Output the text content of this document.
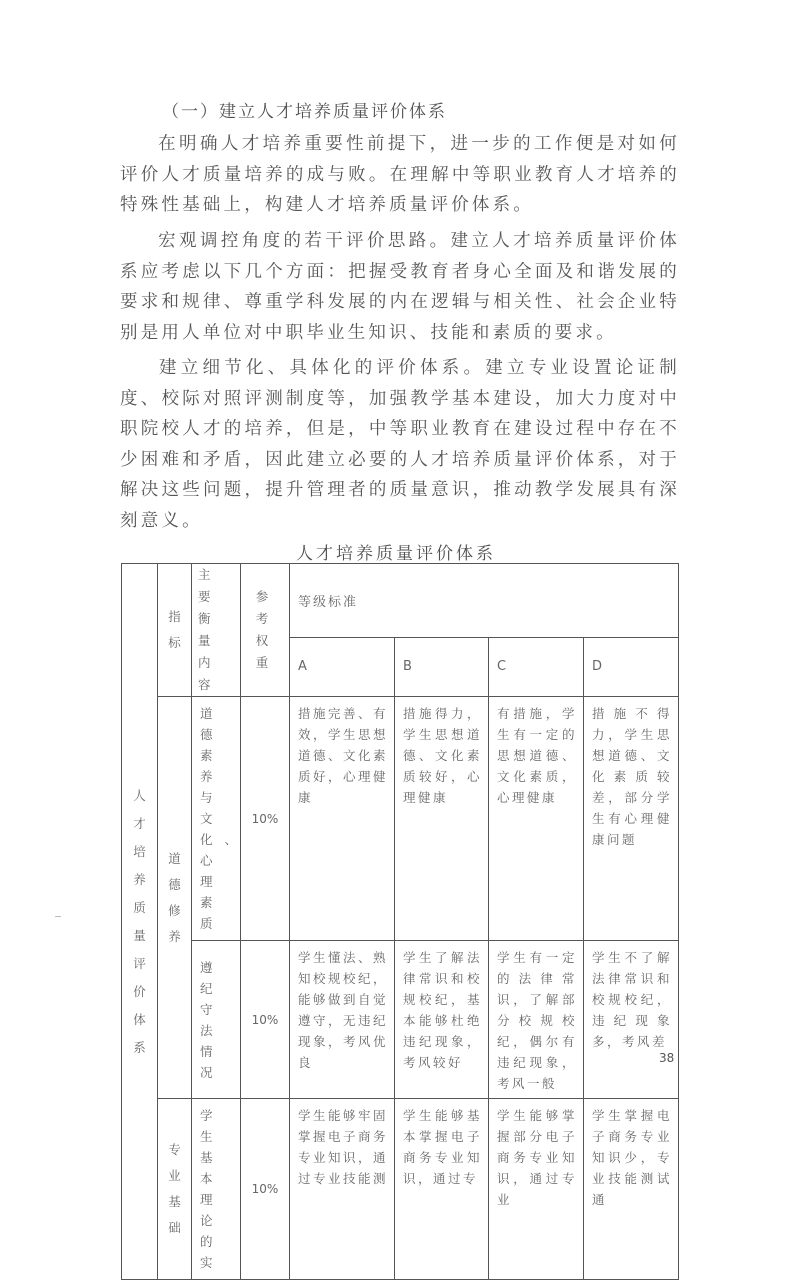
（一）建立人才培养质量评价体系
在明确人才培养重要性前提下，进一步的工作便是对如何评价人才质量培养的成与败。在理解中等职业教育人才培养的特殊性基础上，构建人才培养质量评价体系。
宏观调控角度的若干评价思路。建立人才培养质量评价体系应考虑以下几个方面：把握受教育者身心全面及和谐发展的要求和规律、尊重学科发展的内在逻辑与相关性、社会企业特别是用人单位对中职毕业生知识、技能和素质的要求。
建立细节化、具体化的评价体系。建立专业设置论证制度、校际对照评测制度等，加强教学基本建设，加大力度对中职院校人才的培养，但是，中等职业教育在建设过程中存在不少困难和矛盾，因此建立必要的人才培养质量评价体系，对于解决这些问题，提升管理者的质量意识，推动教学发展具有深刻意义。
人才培养质量评价体系
人才培养质量评价体系	指标	主要衡量内容	参考权重	等级标准			
				A	B	C	D

	道德修养	道德素养与文化、心理素质	10%	措施完善、有效，学生思想道德、文化素质好，心理健康	措施得力，学生思想道德、文化素质较好，心理健康	有措施，学生有一定的思想道德、文化素质，心理健康	措施不得力，学生思想道德、文化素质较差，部分学生有心理健康问题
		遵纪守法情况	10%	学生懂法、熟知校规校纪，能够做到自觉遵守，无违纪现象，考风优良	学生了解法律常识和校规校纪，基本能够杜绝违纪现象，考风较好	学生有一定的法律常识，了解部分校规校纪，偶尔有违纪现象，考风一般	学生不了解法律常识和校规校纪，违纪现象多，考风差

	专业基础	学生基本理论的实	10%	学生能够牢固掌握电子商务专业知识，通过专业技能测	学生能够基本掌握电子商务专业知识，通过专	学生能够掌握部分电子商务专业知识，通过专业	学生掌握电子商务专业知识少，专业技能测试通
38
